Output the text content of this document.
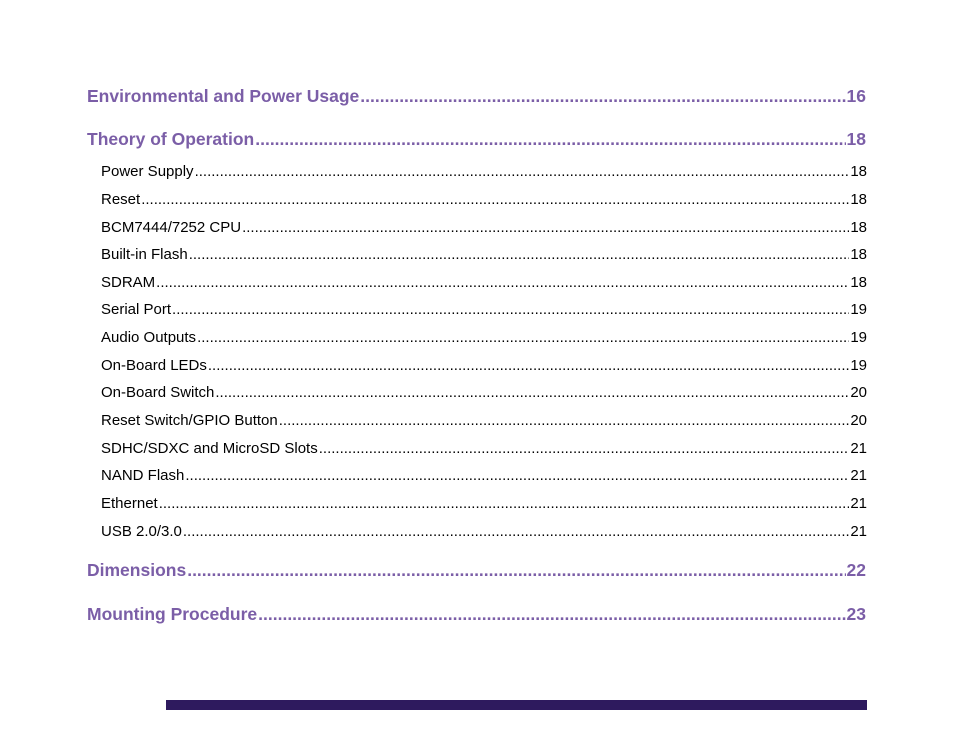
Environmental and Power Usage .....	16
Theory of Operation .....	18
Power Supply .....	18
Reset .....	18
BCM7444/7252 CPU .....	18
Built-in Flash .....	18
SDRAM .....	18
Serial Port .....	19
Audio Outputs .....	19
On-Board LEDs .....	19
On-Board Switch .....	20
Reset Switch/GPIO Button .....	20
SDHC/SDXC and MicroSD Slots .....	21
NAND Flash .....	21
Ethernet .....	21
USB 2.0/3.0 .....	21
Dimensions .....	22
Mounting Procedure .....	23
